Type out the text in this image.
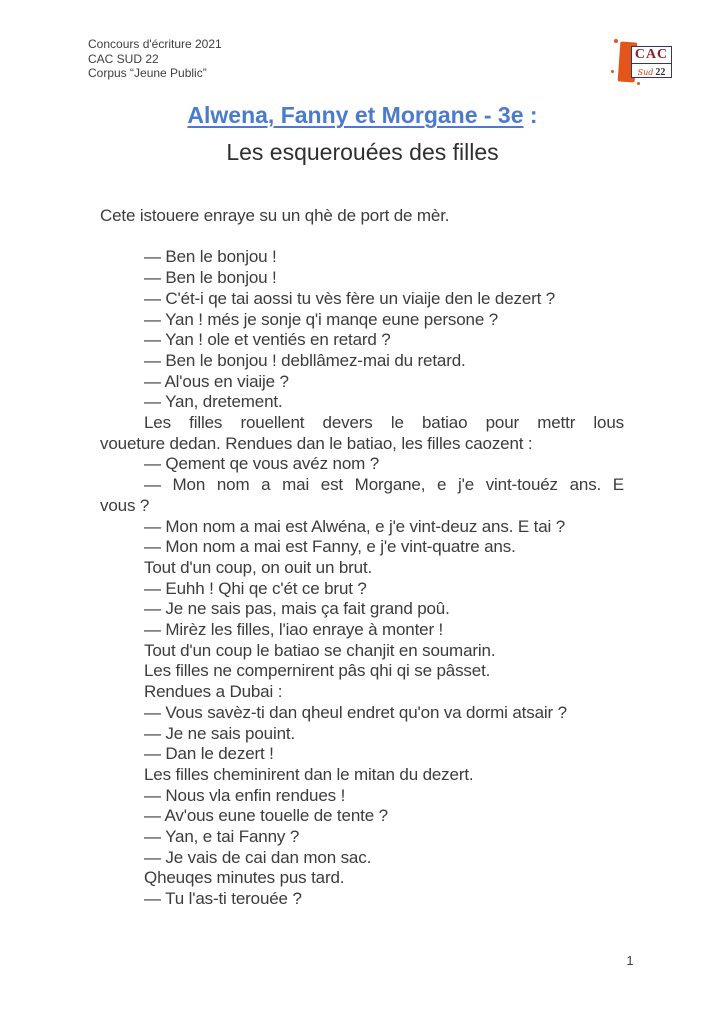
Concours d'écriture 2021
CAC SUD 22
Corpus “Jeune Public”
CAC
Sud 22
Alwena, Fanny et Morgane - 3e :
Les esquerouées des filles

Cete istouere enraye su un qhè de port de mèr.

— Ben le bonjou !

— Ben le bonjou !

— C'ét-i qe tai aossi tu vès fère un viaije den le dezert ?

— Yan ! més je sonje q'i manqe eune persone ?

— Yan ! ole et ventiés en retard ?

— Ben le bonjou ! debllâmez-mai du retard.

— Al'ous en viaije ?

— Yan, dretement.

Les filles rouellent devers le batiao pour mettr lous

voueture dedan. Rendues dan le batiao, les filles caozent :

— Qement qe vous avéz nom ?

— Mon nom a mai est Morgane, e j'e vint-touéz ans. E

vous ?

— Mon nom a mai est Alwéna, e j'e vint-deuz ans. E tai ?

— Mon nom a mai est Fanny, e j'e vint-quatre ans.

Tout d'un coup, on ouit un brut.

— Euhh ! Qhi qe c'ét ce brut ?

— Je ne sais pas, mais ça fait grand poû.

— Mirèz les filles, l'iao enraye à monter !

Tout d'un coup le batiao se chanjit en soumarin.

Les filles ne compernirent pâs qhi qi se pâsset.

Rendues a Dubai :

— Vous savèz-ti dan qheul endret qu'on va dormi atsair ?

— Je ne sais pouint.

— Dan le dezert !

Les filles cheminirent dan le mitan du dezert.

— Nous vla enfin rendues !

— Av'ous eune touelle de tente ?

— Yan, e tai Fanny ?

— Je vais de cai dan mon sac.

Qheuqes minutes pus tard.

— Tu l'as-ti terouée ?

1
